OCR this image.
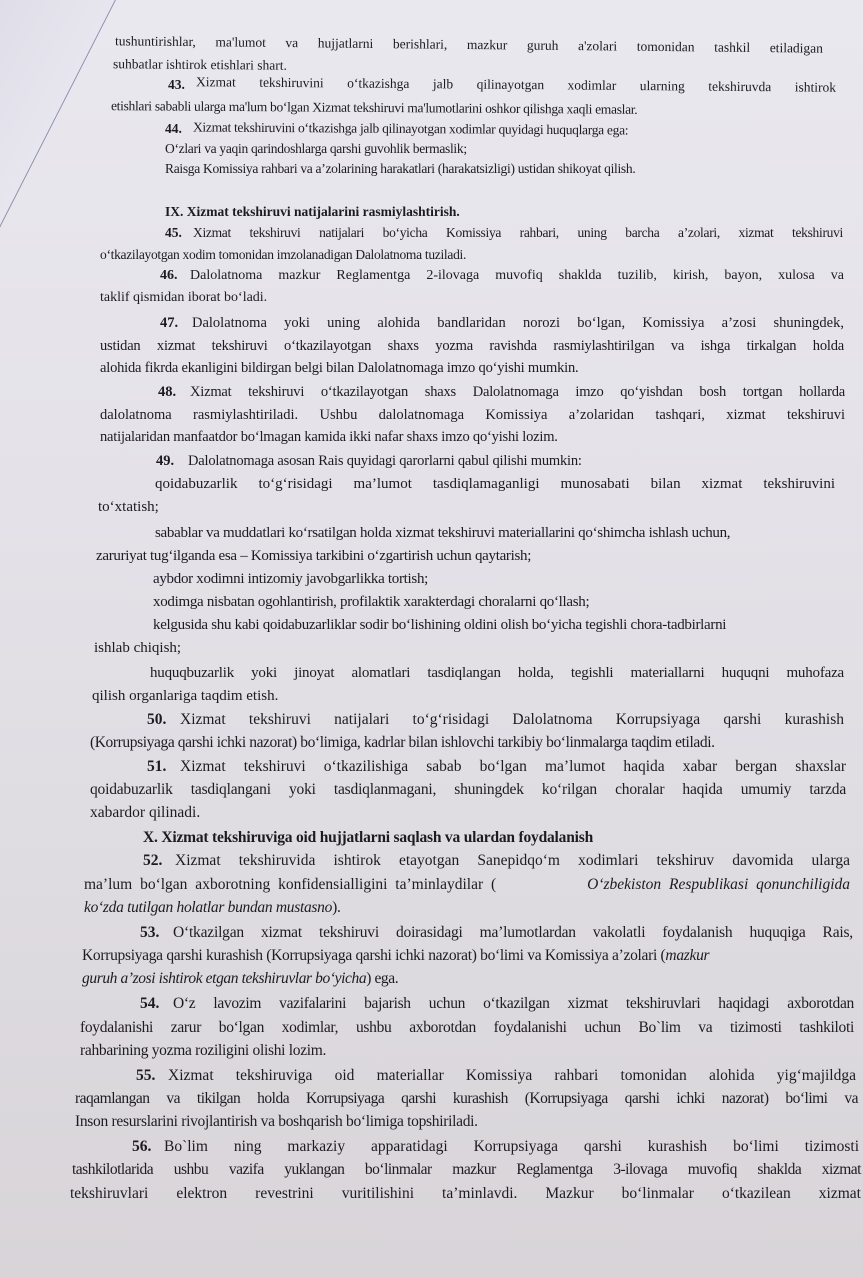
tushuntirishlar, ma'lumot va hujjatlarni berishlari, mazkur guruh a'zolari tomonidan tashkil etiladigan
suhbatlar ishtirok etishlari shart.
43. Xizmat tekshiruvini o‘tkazishga jalb qilinayotgan xodimlar ularning tekshiruvda ishtirok
etishlari sababli ularga ma'lum bo‘lgan Xizmat tekshiruvi ma'lumotlarini oshkor qilishga xaqli emaslar.
44. Xizmat tekshiruvini o‘tkazishga jalb qilinayotgan xodimlar quyidagi huquqlarga ega:
O‘zlari va yaqin qarindoshlarga qarshi guvohlik bermaslik;
Raisga Komissiya rahbari va a’zolarining harakatlari (harakatsizligi) ustidan shikoyat qilish.
IX. Xizmat tekshiruvi natijalarini rasmiylashtirish.
45. Xizmat tekshiruvi natijalari bo‘yicha Komissiya rahbari, uning barcha a’zolari, xizmat tekshiruvi
o‘tkazilayotgan xodim tomonidan imzolanadigan Dalolatnoma tuziladi.
46. Dalolatnoma mazkur Reglamentga 2-ilovaga muvofiq shaklda tuzilib, kirish, bayon, xulosa va
taklif qismidan iborat bo‘ladi.
47. Dalolatnoma yoki uning alohida bandlaridan norozi bo‘lgan, Komissiya a’zosi shuningdek,
ustidan xizmat tekshiruvi o‘tkazilayotgan shaxs yozma ravishda rasmiylashtirilgan va ishga tirkalgan holda
alohida fikrda ekanligini bildirgan belgi bilan Dalolatnomaga imzo qo‘yishi mumkin.
48. Xizmat tekshiruvi o‘tkazilayotgan shaxs Dalolatnomaga imzo qo‘yishdan bosh tortgan hollarda
dalolatnoma rasmiylashtiriladi. Ushbu dalolatnomaga Komissiya a’zolaridan tashqari, xizmat tekshiruvi
natijalaridan manfaatdor bo‘lmagan kamida ikki nafar shaxs imzo qo‘yishi lozim.
49. Dalolatnomaga asosan Rais quyidagi qarorlarni qabul qilishi mumkin:
qoidabuzarlik to‘g‘risidagi ma’lumot tasdiqlamaganligi munosabati bilan xizmat tekshiruvini
to‘xtatish;
sabablar va muddatlari ko‘rsatilgan holda xizmat tekshiruvi materiallarini qo‘shimcha ishlash uchun,
zaruriyat tug‘ilganda esa – Komissiya tarkibini o‘zgartirish uchun qaytarish;
aybdor xodimni intizomiy javobgarlikka tortish;
xodimga nisbatan ogohlantirish, profilaktik xarakterdagi choralarni qo‘llash;
kelgusida shu kabi qoidabuzarliklar sodir bo‘lishining oldini olish bo‘yicha tegishli chora-tadbirlarni
ishlab chiqish;
huquqbuzarlik yoki jinoyat alomatlari tasdiqlangan holda, tegishli materiallarni huquqni muhofaza
qilish organlariga taqdim etish.
50. Xizmat tekshiruvi natijalari to‘g‘risidagi Dalolatnoma Korrupsiyaga qarshi kurashish
(Korrupsiyaga qarshi ichki nazorat) bo‘limiga, kadrlar bilan ishlovchi tarkibiy bo‘linmalarga taqdim etiladi.
51. Xizmat tekshiruvi o‘tkazilishiga sabab bo‘lgan ma’lumot haqida xabar bergan shaxslar
qoidabuzarlik tasdiqlangani yoki tasdiqlanmagani, shuningdek ko‘rilgan choralar haqida umumiy tarzda
xabardor qilinadi.
X. Xizmat tekshiruviga oid hujjatlarni saqlash va ulardan foydalanish
52. Xizmat tekshiruvida ishtirok etayotgan Sanepidqo‘m xodimlari tekshiruv davomida ularga
ma’lum bo‘lgan axborotning konfidensialligini ta’minlaydilar (	O‘zbekiston Respublikasi qonunchiligida
ko‘zda tutilgan holatlar bundan mustasno).
53. O‘tkazilgan xizmat tekshiruvi doirasidagi ma’lumotlardan vakolatli foydalanish huquqiga Rais,
Korrupsiyaga qarshi kurashish (Korrupsiyaga qarshi ichki nazorat) bo‘limi va Komissiya a’zolari (mazkur
guruh a’zosi ishtirok etgan tekshiruvlar bo‘yicha) ega.
54. O‘z lavozim vazifalarini bajarish uchun o‘tkazilgan xizmat tekshiruvlari haqidagi axborotdan
foydalanishi zarur bo‘lgan xodimlar, ushbu axborotdan foydalanishi uchun Bo`lim va tizimosti tashkiloti
rahbarining yozma roziligini olishi lozim.
55. Xizmat tekshiruviga oid materiallar Komissiya rahbari tomonidan alohida yig‘majildga
raqamlangan va tikilgan holda Korrupsiyaga qarshi kurashish (Korrupsiyaga qarshi ichki nazorat) bo‘limi va
Inson resurslarini rivojlantirish va boshqarish bo‘limiga topshiriladi.
56. Bo`lim ning markaziy apparatidagi Korrupsiyaga qarshi kurashish bo‘limi tizimosti
tashkilotlarida ushbu vazifa yuklangan bo‘linmalar mazkur Reglamentga 3-ilovaga muvofiq shaklda xizmat
tekshiruvlari elektron revestrini vuritilishini ta’minlavdi. Mazkur bo‘linmalar o‘tkazilean xizmat
